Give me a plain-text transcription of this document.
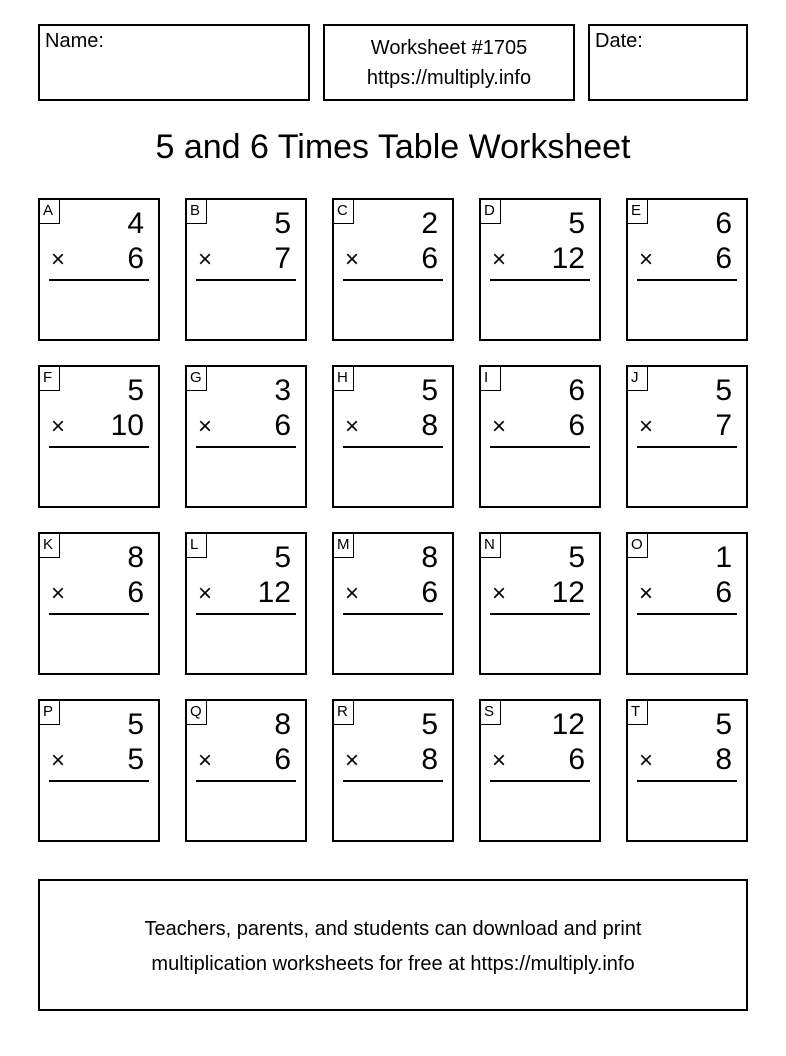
Name:	Worksheet #1705
https://multiply.info
Date:
5 and 6 Times Table Worksheet
A 4
× 6
B 5
× 7
C 2
× 6
D 5
× 12
E 6
× 6
F	5
× 10
G 3
× 6
H 5
× 8
I	6
× 6
J	5
× 7
K 8
× 6
L	5
× 12
M 8
× 6
N 5
× 12
O 1
× 6
P 5
× 5
Q 8
× 6
R 5
× 8
S 12
× 6
T	5
× 8
Teachers, parents, and students can download and print
multiplication worksheets for free at https://multiply.info
